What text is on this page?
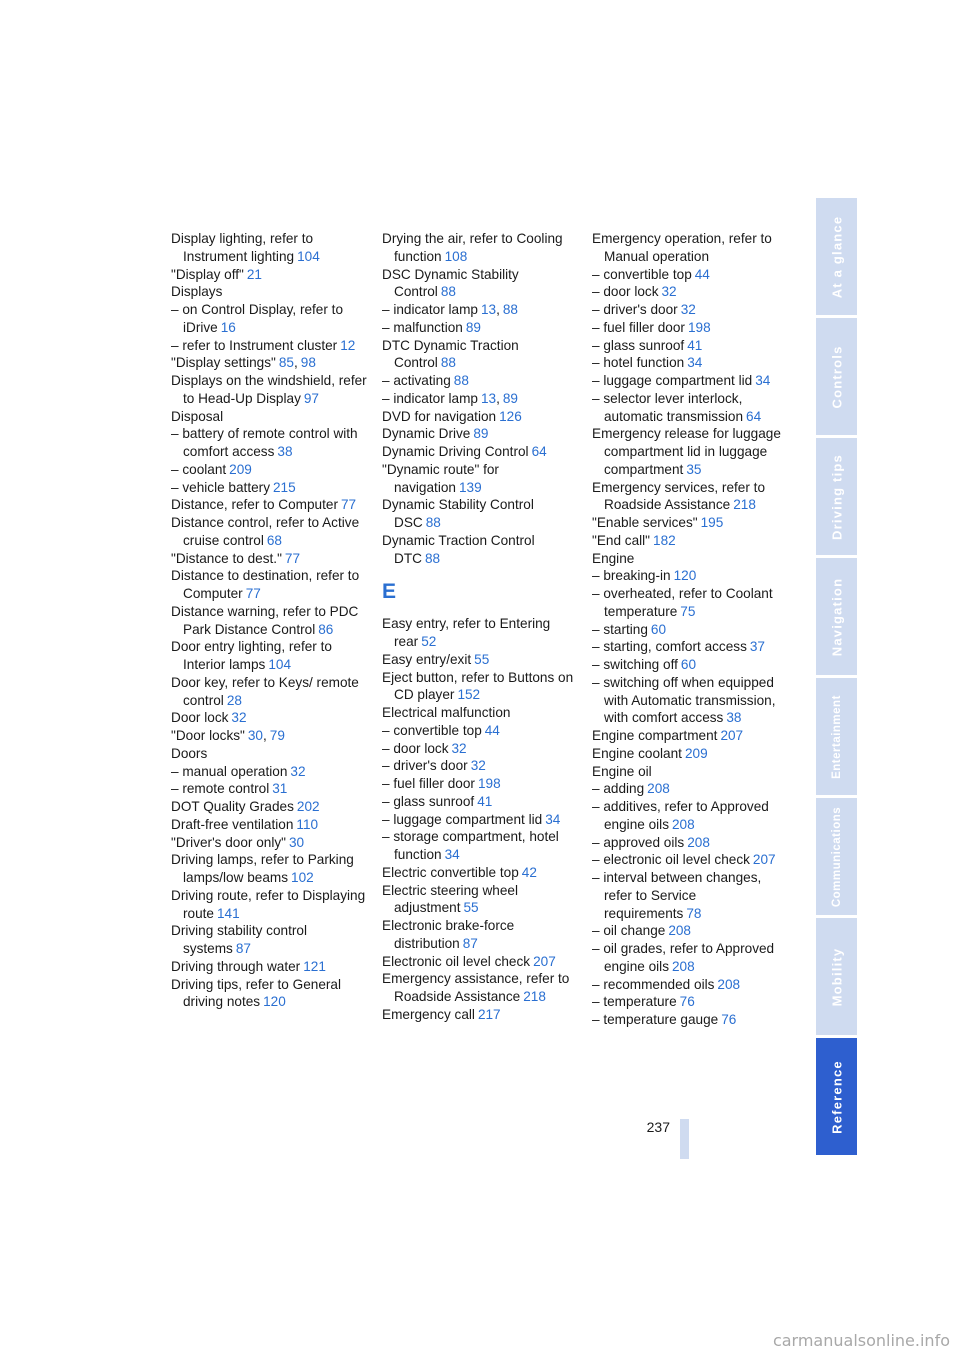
Display lighting, refer to Instrument lighting 104
"Display off" 21
Displays
– on Control Display, refer to iDrive 16
– refer to Instrument cluster 12
"Display settings" 85, 98
Displays on the windshield, refer to Head-Up Display 97
Disposal
– battery of remote control with comfort access 38
– coolant 209
– vehicle battery 215
Distance, refer to Computer 77
Distance control, refer to Active cruise control 68
"Distance to dest." 77
Distance to destination, refer to Computer 77
Distance warning, refer to PDC Park Distance Control 86
Door entry lighting, refer to Interior lamps 104
Door key, refer to Keys/ remote control 28
Door lock 32
"Door locks" 30, 79
Doors
– manual operation 32
– remote control 31
DOT Quality Grades 202
Draft-free ventilation 110
"Driver's door only" 30
Driving lamps, refer to Parking lamps/low beams 102
Driving route, refer to Displaying route 141
Driving stability control systems 87
Driving through water 121
Driving tips, refer to General driving notes 120
Drying the air, refer to Cooling function 108
DSC Dynamic Stability Control 88
– indicator lamp 13, 88
– malfunction 89
DTC Dynamic Traction Control 88
– activating 88
– indicator lamp 13, 89
DVD for navigation 126
Dynamic Drive 89
Dynamic Driving Control 64
"Dynamic route" for navigation 139
Dynamic Stability Control DSC 88
Dynamic Traction Control DTC 88
E
Easy entry, refer to Entering rear 52
Easy entry/exit 55
Eject button, refer to Buttons on CD player 152
Electrical malfunction
– convertible top 44
– door lock 32
– driver's door 32
– fuel filler door 198
– glass sunroof 41
– luggage compartment lid 34
– storage compartment, hotel function 34
Electric convertible top 42
Electric steering wheel adjustment 55
Electronic brake-force distribution 87
Electronic oil level check 207
Emergency assistance, refer to Roadside Assistance 218
Emergency call 217
Emergency operation, refer to Manual operation
– convertible top 44
– door lock 32
– driver's door 32
– fuel filler door 198
– glass sunroof 41
– hotel function 34
– luggage compartment lid 34
– selector lever interlock, automatic transmission 64
Emergency release for luggage compartment lid in luggage compartment 35
Emergency services, refer to Roadside Assistance 218
"Enable services" 195
"End call" 182
Engine
– breaking-in 120
– overheated, refer to Coolant temperature 75
– starting 60
– starting, comfort access 37
– switching off 60
– switching off when equipped with Automatic transmission, with comfort access 38
Engine compartment 207
Engine coolant 209
Engine oil
– adding 208
– additives, refer to Approved engine oils 208
– approved oils 208
– electronic oil level check 207
– interval between changes, refer to Service requirements 78
– oil change 208
– oil grades, refer to Approved engine oils 208
– recommended oils 208
– temperature 76
– temperature gauge 76
At a glance
Controls
Driving tips
Navigation
Entertainment
Communications
Mobility
Reference
237
carmanualsonline.info
